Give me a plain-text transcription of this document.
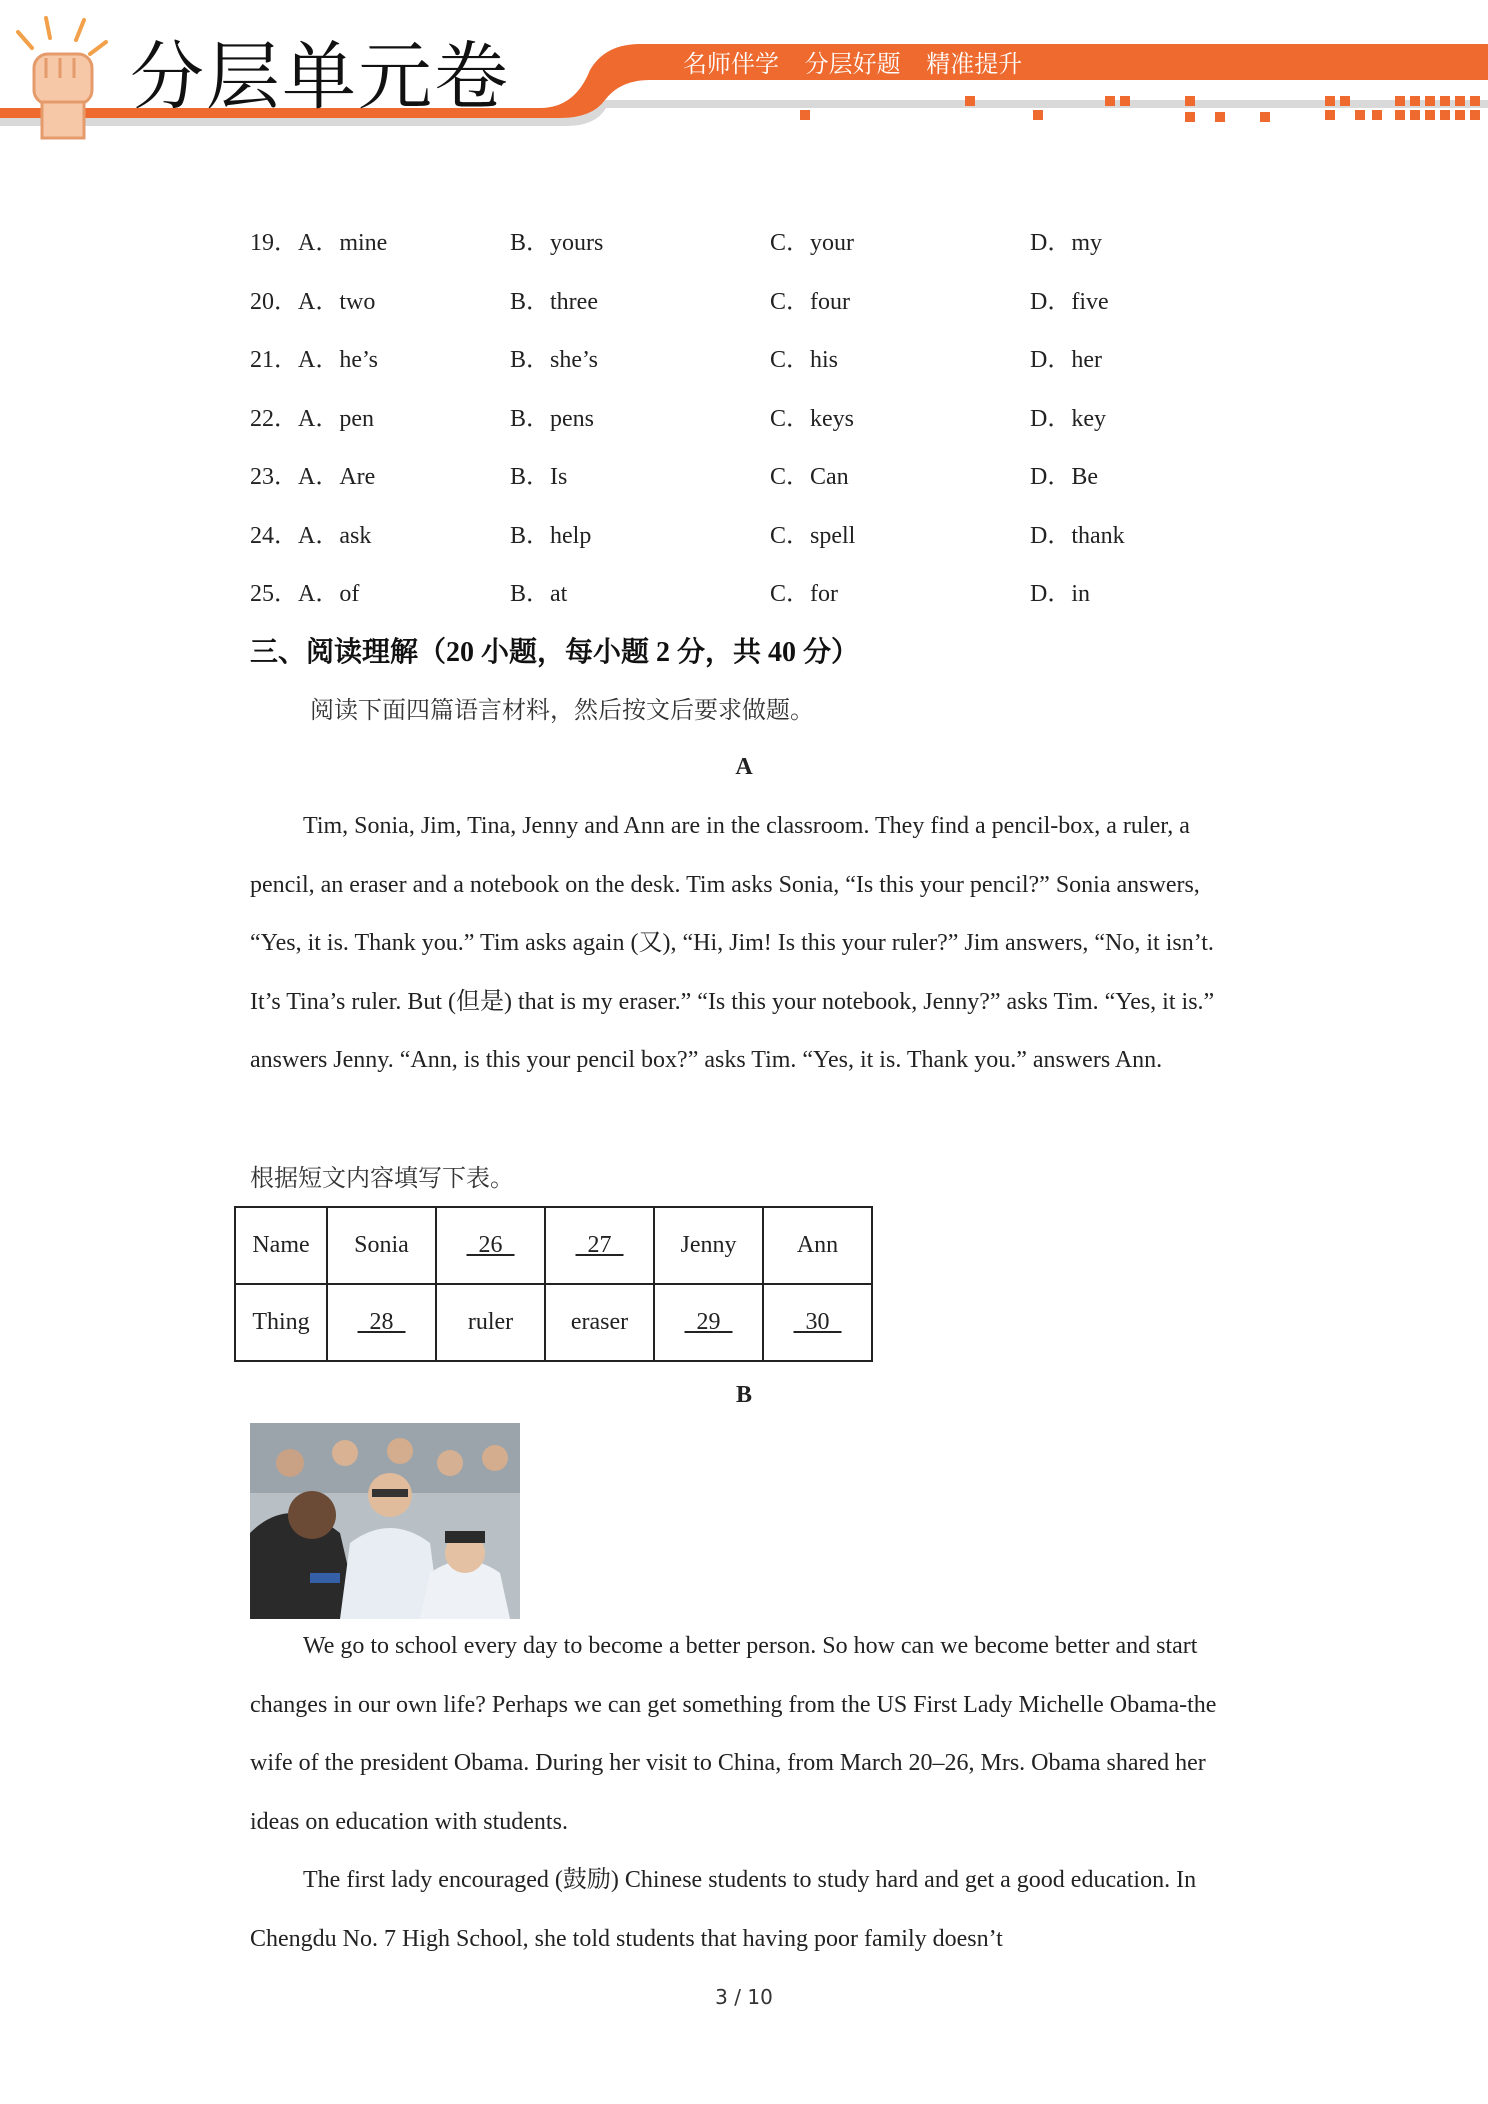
分层单元卷	名师伴学 分层好题 精准提升
19．A．mine	B．yours	C．your	D．my
20．A．two	B．three	C．four	D．five
21．A．he’s	B．she’s	C．his	D．her
22．A．pen	B．pens	C．keys	D．key
23．A．Are	B．Is	C．Can	D．Be
24．A．ask	B．help	C．spell	D．thank
25．A．of	B．at	C．for	D．in
三、阅读理解（20 小题，每小题 2 分，共 40 分）
阅读下面四篇语言材料，然后按文后要求做题。
A

Tim, Sonia, Jim, Tina, Jenny and Ann are in the classroom. They find a pencil-box, a ruler, a pencil, an eraser and a notebook on the desk. Tim asks Sonia, “Is this your pencil?” Sonia answers, “Yes, it is. Thank you.” Tim asks again (又), “Hi, Jim! Is this your ruler?” Jim answers, “No, it isn’t. It’s Tina’s ruler. But (但是) that is my eraser.” “Is this your notebook, Jenny?” asks Tim. “Yes, it is.” answers Jenny. “Ann, is this your pencil box?” asks Tim. “Yes, it is. Thank you.” answers Ann.

根据短文内容填写下表。
Name	Sonia	26	27	Jenny	Ann
Thing	28	ruler	eraser	29	30
B

We go to school every day to become a better person. So how can we become better and start changes in our own life? Perhaps we can get something from the US First Lady Michelle Obama-the wife of the president Obama. During her visit to China, from March 20–26, Mrs. Obama shared her ideas on education with students.

The first lady encouraged (鼓励) Chinese students to study hard and get a good education. In Chengdu No. 7 High School, she told students that having poor family doesn’t

3 / 10
